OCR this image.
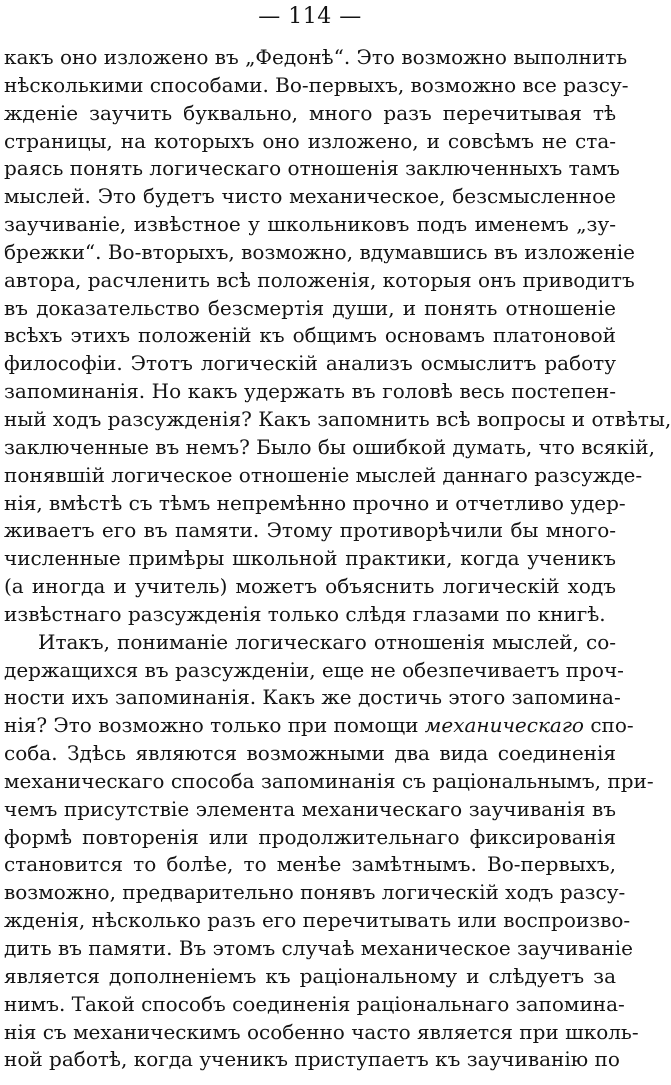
— 114 —
какъ оно изложено въ „Федонѣ“. Это возможно выполнить
нѣсколькими способами. Во-первыхъ, возможно все разсу-
жденіе заучить буквально, много разъ перечитывая тѣ
страницы, на которыхъ оно изложено, и совсѣмъ не ста-
раясь понять логическаго отношенія заключенныхъ тамъ
мыслей. Это будетъ чисто механическое, безсмысленное
заучиваніе, извѣстное у школьниковъ подъ именемъ „зу-
брежки“. Во-вторыхъ, возможно, вдумавшись въ изложеніе
автора, расчленить всѣ положенія, которыя онъ приводитъ
въ доказательство безсмертія души, и понять отношеніе
всѣхъ этихъ положеній къ общимъ основамъ платоновой
философіи. Этотъ логическій анализъ осмыслитъ работу
запоминанія. Но какъ удержать въ головѣ весь постепен-
ный ходъ разсужденія? Какъ запомнить всѣ вопросы и отвѣты,
заключенные въ немъ? Было бы ошибкой думать, что всякій,
понявшій логическое отношеніе мыслей даннаго разсужде-
нія, вмѣстѣ съ тѣмъ непремѣнно прочно и отчетливо удер-
живаетъ его въ памяти. Этому противорѣчили бы много-
численные примѣры школьной практики, когда ученикъ
(а иногда и учитель) можетъ объяснить логическій ходъ
извѣстнаго разсужденія только слѣдя глазами по книгѣ.
Итакъ, пониманіе логическаго отношенія мыслей, со-
держащихся въ разсужденіи, еще не обезпечиваетъ проч-
ности ихъ запоминанія. Какъ же достичь этого запомина-
нія? Это возможно только при помощи механическаго спо-
соба. Здѣсь являются возможными два вида соединенія
механическаго способа запоминанія съ раціональнымъ, при-
чемъ присутствіе элемента механическаго заучиванія въ
формѣ повторенія или продолжительнаго фиксированія
становится то болѣе, то менѣе замѣтнымъ. Во-первыхъ,
возможно, предварительно понявъ логическій ходъ разсу-
жденія, нѣсколько разъ его перечитывать или воспроизво-
дить въ памяти. Въ этомъ случаѣ механическое заучиваніе
является дополненіемъ къ раціональному и слѣдуетъ за
нимъ. Такой способъ соединенія раціональнаго запомина-
нія съ механическимъ особенно часто является при школь-
ной работѣ, когда ученикъ приступаетъ къ заучиванію по
